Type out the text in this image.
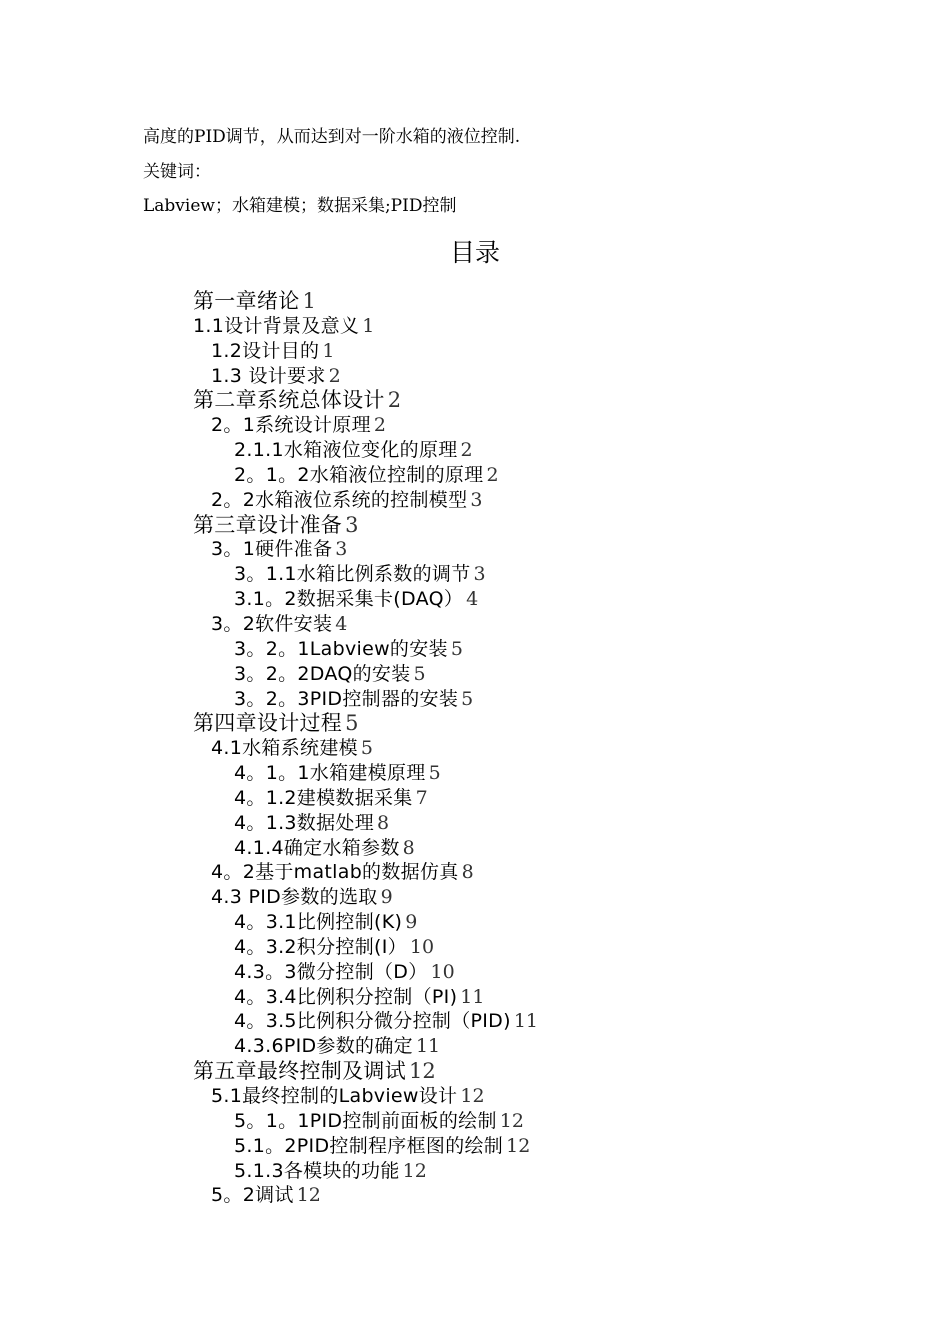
高度的PID调节，从而达到对一阶水箱的液位控制.
关键词：
Labview；水箱建模；数据采集;PID控制
目录
第一章绪论 1
1.1设计背景及意义 1
1.2设计目的 1
1.3 设计要求 2
第二章系统总体设计 2
2。1系统设计原理 2
2.1.1水箱液位变化的原理 2
2。1。2水箱液位控制的原理 2
2。2水箱液位系统的控制模型 3
第三章设计准备 3
3。1硬件准备 3
3。1.1水箱比例系数的调节 3
3.1。2数据采集卡(DAQ） 4
3。2软件安装 4
3。2。1Labview的安装 5
3。2。2DAQ的安装 5
3。2。3PID控制器的安装 5
第四章设计过程 5
4.1水箱系统建模 5
4。1。1水箱建模原理 5
4。1.2建模数据采集 7
4。1.3数据处理 8
4.1.4确定水箱参数 8
4。2基于matlab的数据仿真 8
4.3 PID参数的选取 9
4。3.1比例控制(K) 9
4。3.2积分控制(I） 10
4.3。3微分控制（D） 10
4。3.4比例积分控制（PI) 11
4。3.5比例积分微分控制（PID) 11
4.3.6PID参数的确定 11
第五章最终控制及调试 12
5.1最终控制的Labview设计 12
5。1。1PID控制前面板的绘制 12
5.1。2PID控制程序框图的绘制 12
5.1.3各模块的功能 12
5。2调试 12
